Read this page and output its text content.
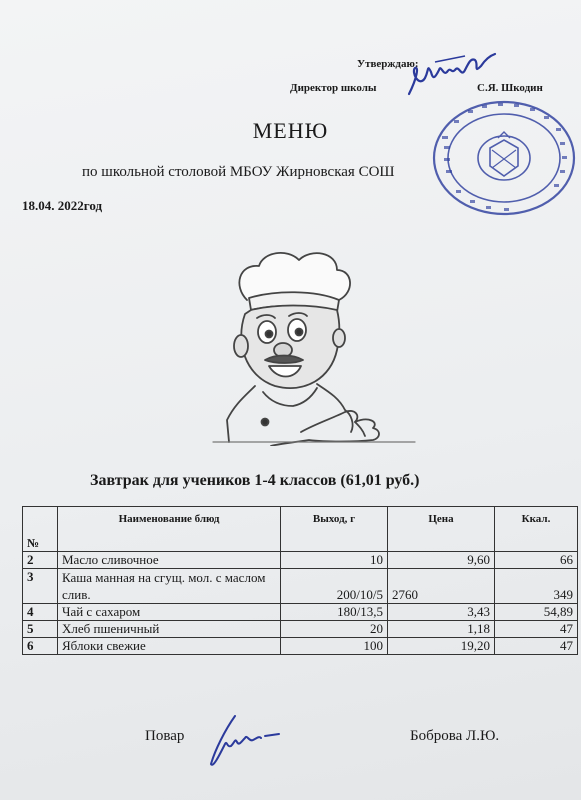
Утверждаю:
Директор школы	С.Я. Шкодин
МЕНЮ
по школьной столовой МБОУ Жирновская СОШ
18.04. 2022год
Завтрак для учеников 1-4 классов (61,01 руб.)
№	Наименование блюд	Выход, г	Цена	Ккал.
2	Масло сливочное	10	9,60	66
3	Каша манная на сгущ. мол. с маслом слив.	200/10/5	2760	349
4	Чай с сахаром	180/13,5	3,43	54,89
5	Хлеб пшеничный	20	1,18	47
6	Яблоки свежие	100	19,20	47
Повар	Боброва Л.Ю.
